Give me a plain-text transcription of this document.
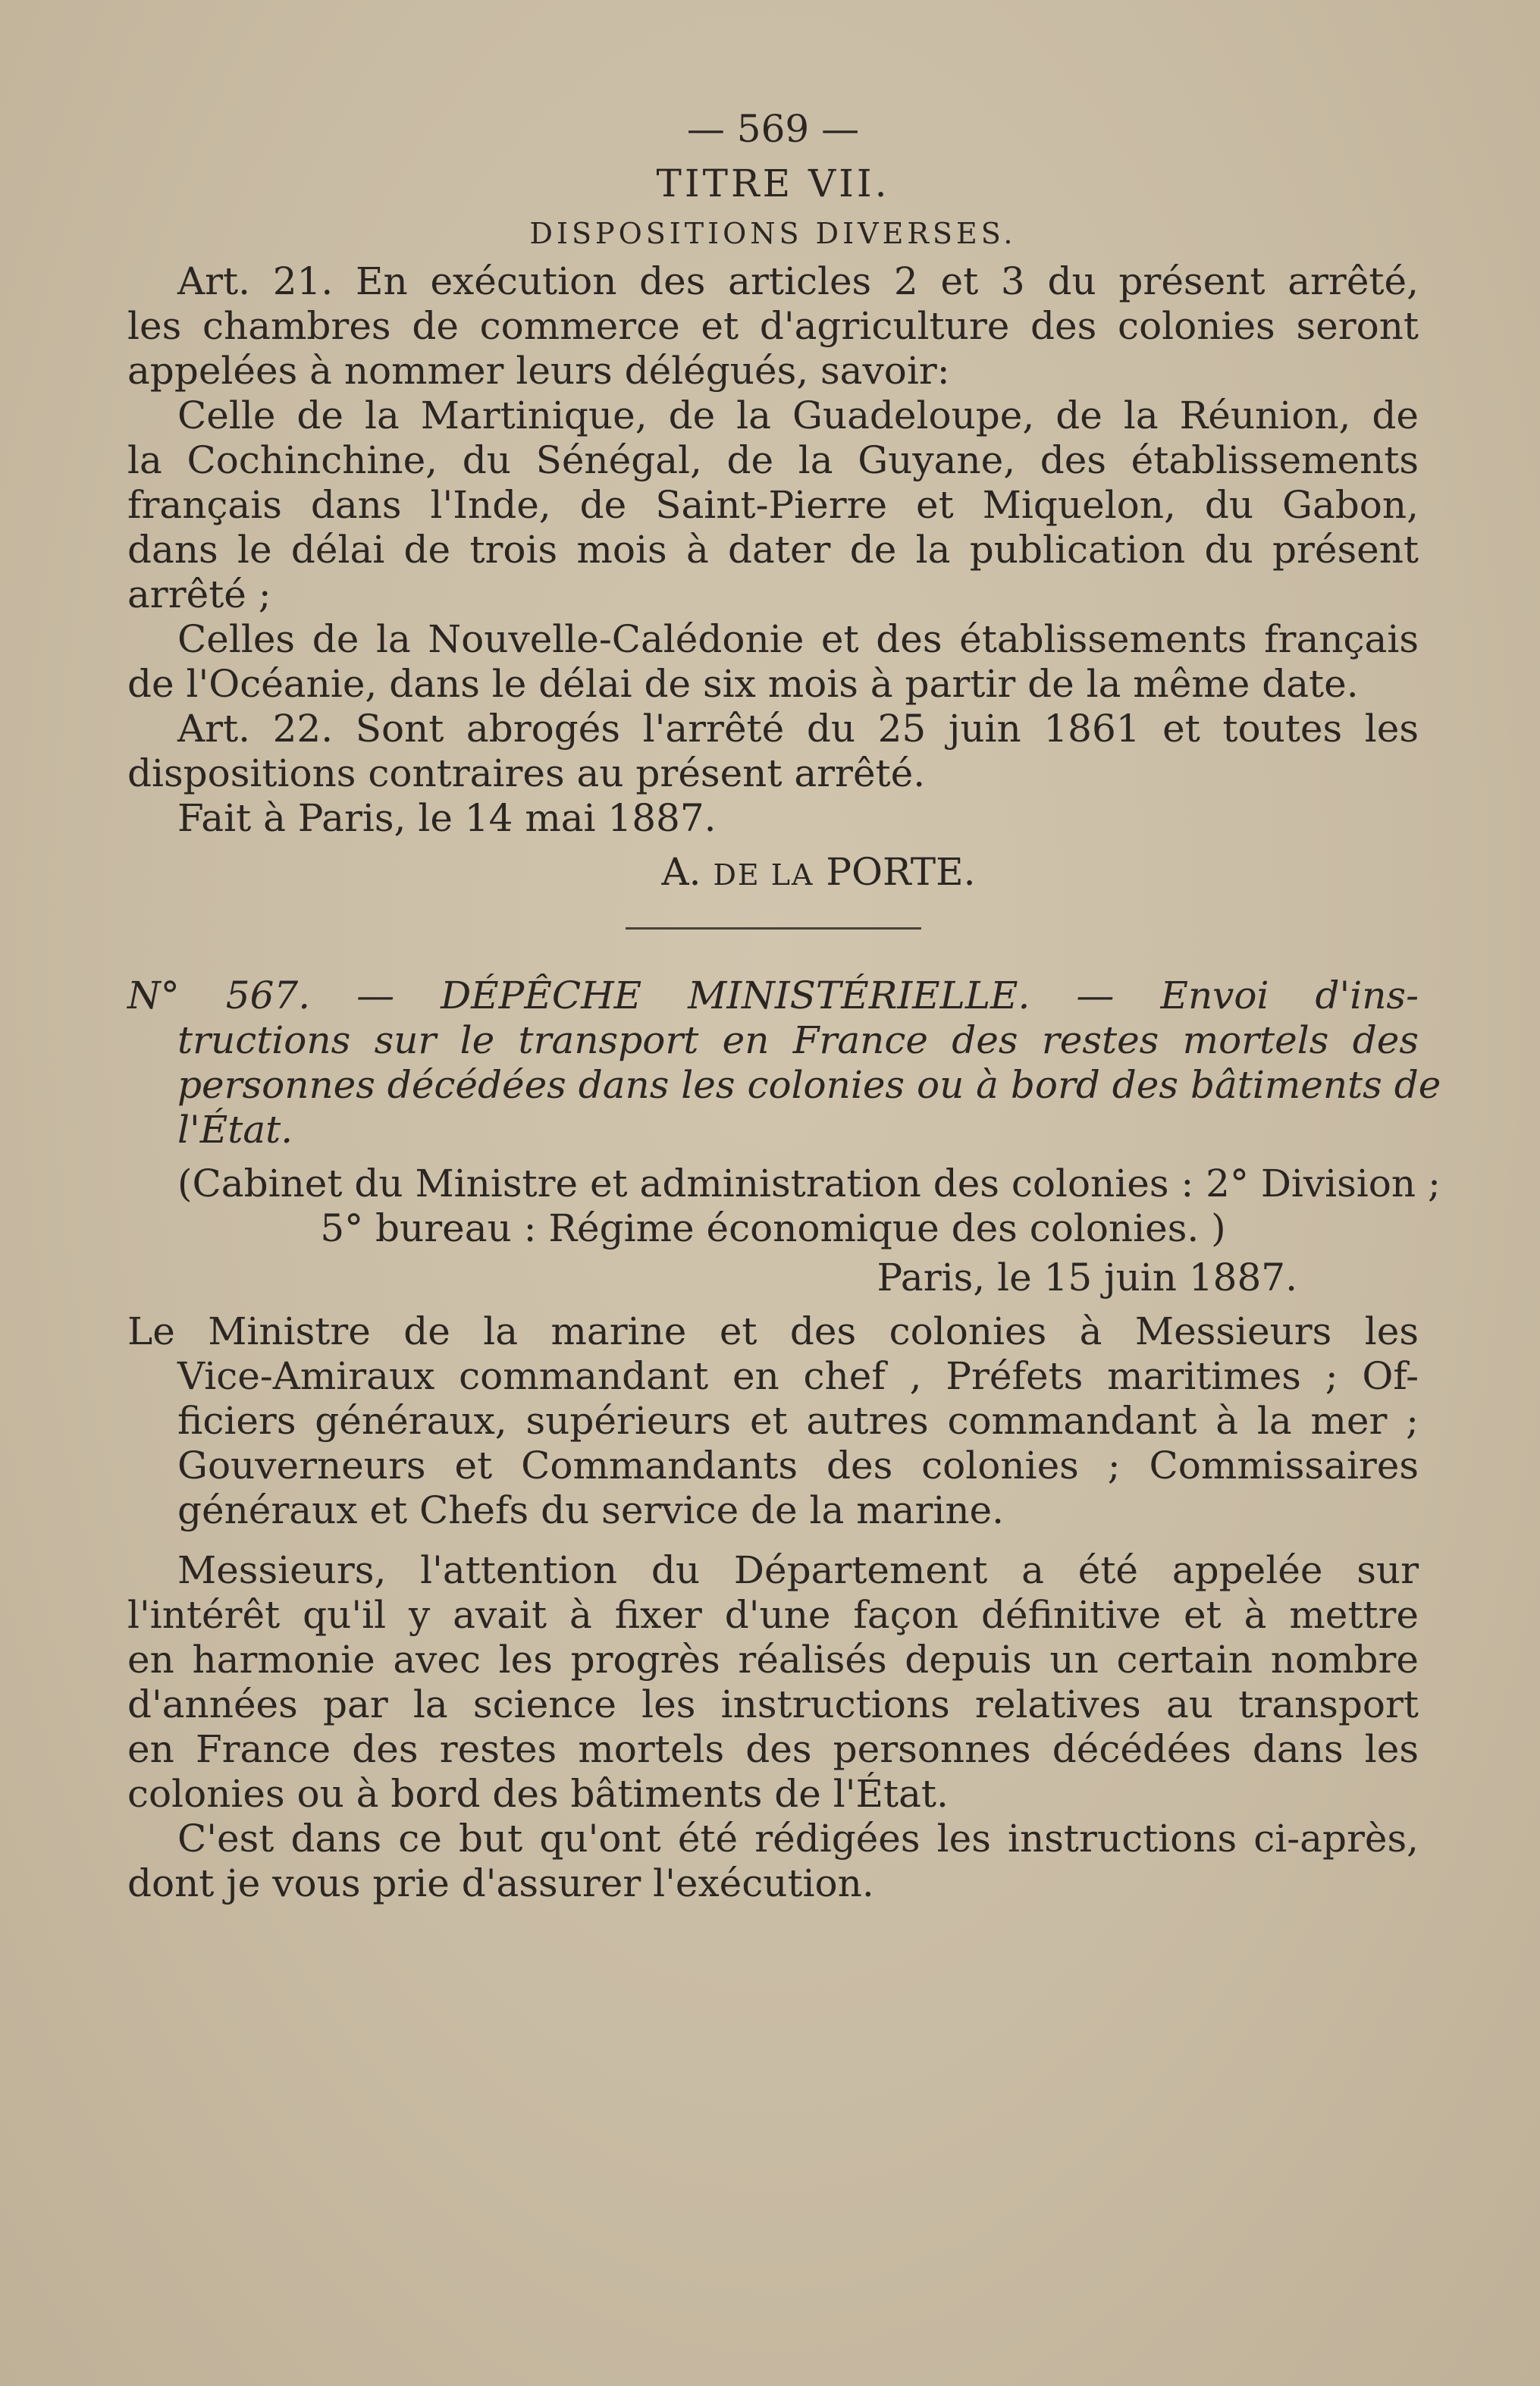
— 569 —
TITRE VII.
DISPOSITIONS DIVERSES.
Art. 21. En exécution des articles 2 et 3 du présent arrêté,
les chambres de commerce et d'agriculture des colonies seront
appelées à nommer leurs délégués, savoir:
Celle de la Martinique, de la Guadeloupe, de la Réunion, de
la Cochinchine, du Sénégal, de la Guyane, des établissements
français dans l'Inde, de Saint-Pierre et Miquelon, du Gabon,
dans le délai de trois mois à dater de la publication du présent
arrêté ;
Celles de la Nouvelle-Calédonie et des établissements français
de l'Océanie, dans le délai de six mois à partir de la même date.
Art. 22. Sont abrogés l'arrêté du 25 juin 1861 et toutes les
dispositions contraires au présent arrêté.
Fait à Paris, le 14 mai 1887.
A. DE LA PORTE.
N° 567. — DÉPÊCHE MINISTÉRIELLE. — Envoi d'ins-
tructions sur le transport en France des restes mortels des
personnes décédées dans les colonies ou à bord des bâtiments de
l'État.
(Cabinet du Ministre et administration des colonies : 2° Division ;
5° bureau : Régime économique des colonies. )
Paris, le 15 juin 1887.
Le Ministre de la marine et des colonies à Messieurs les
Vice-Amiraux commandant en chef , Préfets maritimes ; Of-
ficiers généraux, supérieurs et autres commandant à la mer ;
Gouverneurs et Commandants des colonies ; Commissaires
généraux et Chefs du service de la marine.
Messieurs, l'attention du Département a été appelée sur
l'intérêt qu'il y avait à fixer d'une façon définitive et à mettre
en harmonie avec les progrès réalisés depuis un certain nombre
d'années par la science les instructions relatives au transport
en France des restes mortels des personnes décédées dans les
colonies ou à bord des bâtiments de l'État.
C'est dans ce but qu'ont été rédigées les instructions ci-après,
dont je vous prie d'assurer l'exécution.
